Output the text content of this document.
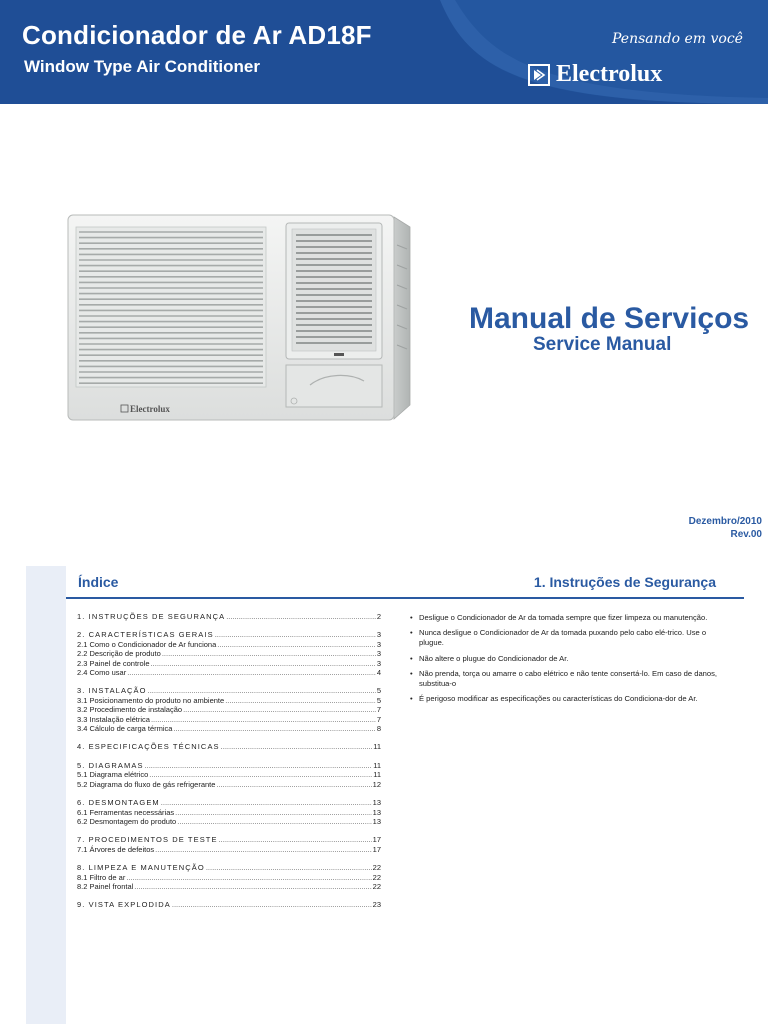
Condicionador de Ar AD18F
Window Type Air Conditioner
Pensando em você
Electrolux
Electrolux
Manual de Serviços
Service Manual
Dezembro/2010
Rev.00
Índice	1. Instruções de Segurança
1. INSTRUÇÕES DE SEGURANÇA .....	2
2. CARACTERÍSTICAS GERAIS .....	3
2.1 Como o Condicionador de Ar funciona .....	3
2.2 Descrição de produto .....	3
2.3 Painel de controle .....	3
2.4 Como usar .....	4
3. INSTALAÇÃO .....	5
3.1 Posicionamento do produto no ambiente .....	5
3.2 Procedimento de instalação .....	7
3.3 Instalação elétrica .....	7
3.4 Cálculo de carga térmica .....	8
4. ESPECIFICAÇÕES TÉCNICAS .....	11
5. DIAGRAMAS .....	11
5.1 Diagrama elétrico .....	11
5.2 Diagrama do fluxo de gás refrigerante .....	12
6. DESMONTAGEM .....	13
6.1 Ferramentas necessárias .....	13
6.2 Desmontagem do produto .....	13
7. PROCEDIMENTOS DE TESTE .....	17
7.1 Árvores de defeitos .....	17
8. LIMPEZA E MANUTENÇÃO .....	22
8.1 Filtro de ar .....	22
8.2 Painel frontal .....	22
9. VISTA EXPLODIDA .....	23
• Desligue o Condicionador de Ar da tomada sempre que fizer limpeza ou manutenção.
• Nunca desligue o Condicionador de Ar da tomada puxando pelo cabo elé-trico. Use o plugue.
• Não altere o plugue do Condicionador de Ar.
• Não prenda, torça ou amarre o cabo elétrico e não tente consertá-lo. Em caso de danos, substitua-o
• É perigoso modificar as especificações ou características do Condiciona-dor de Ar.
